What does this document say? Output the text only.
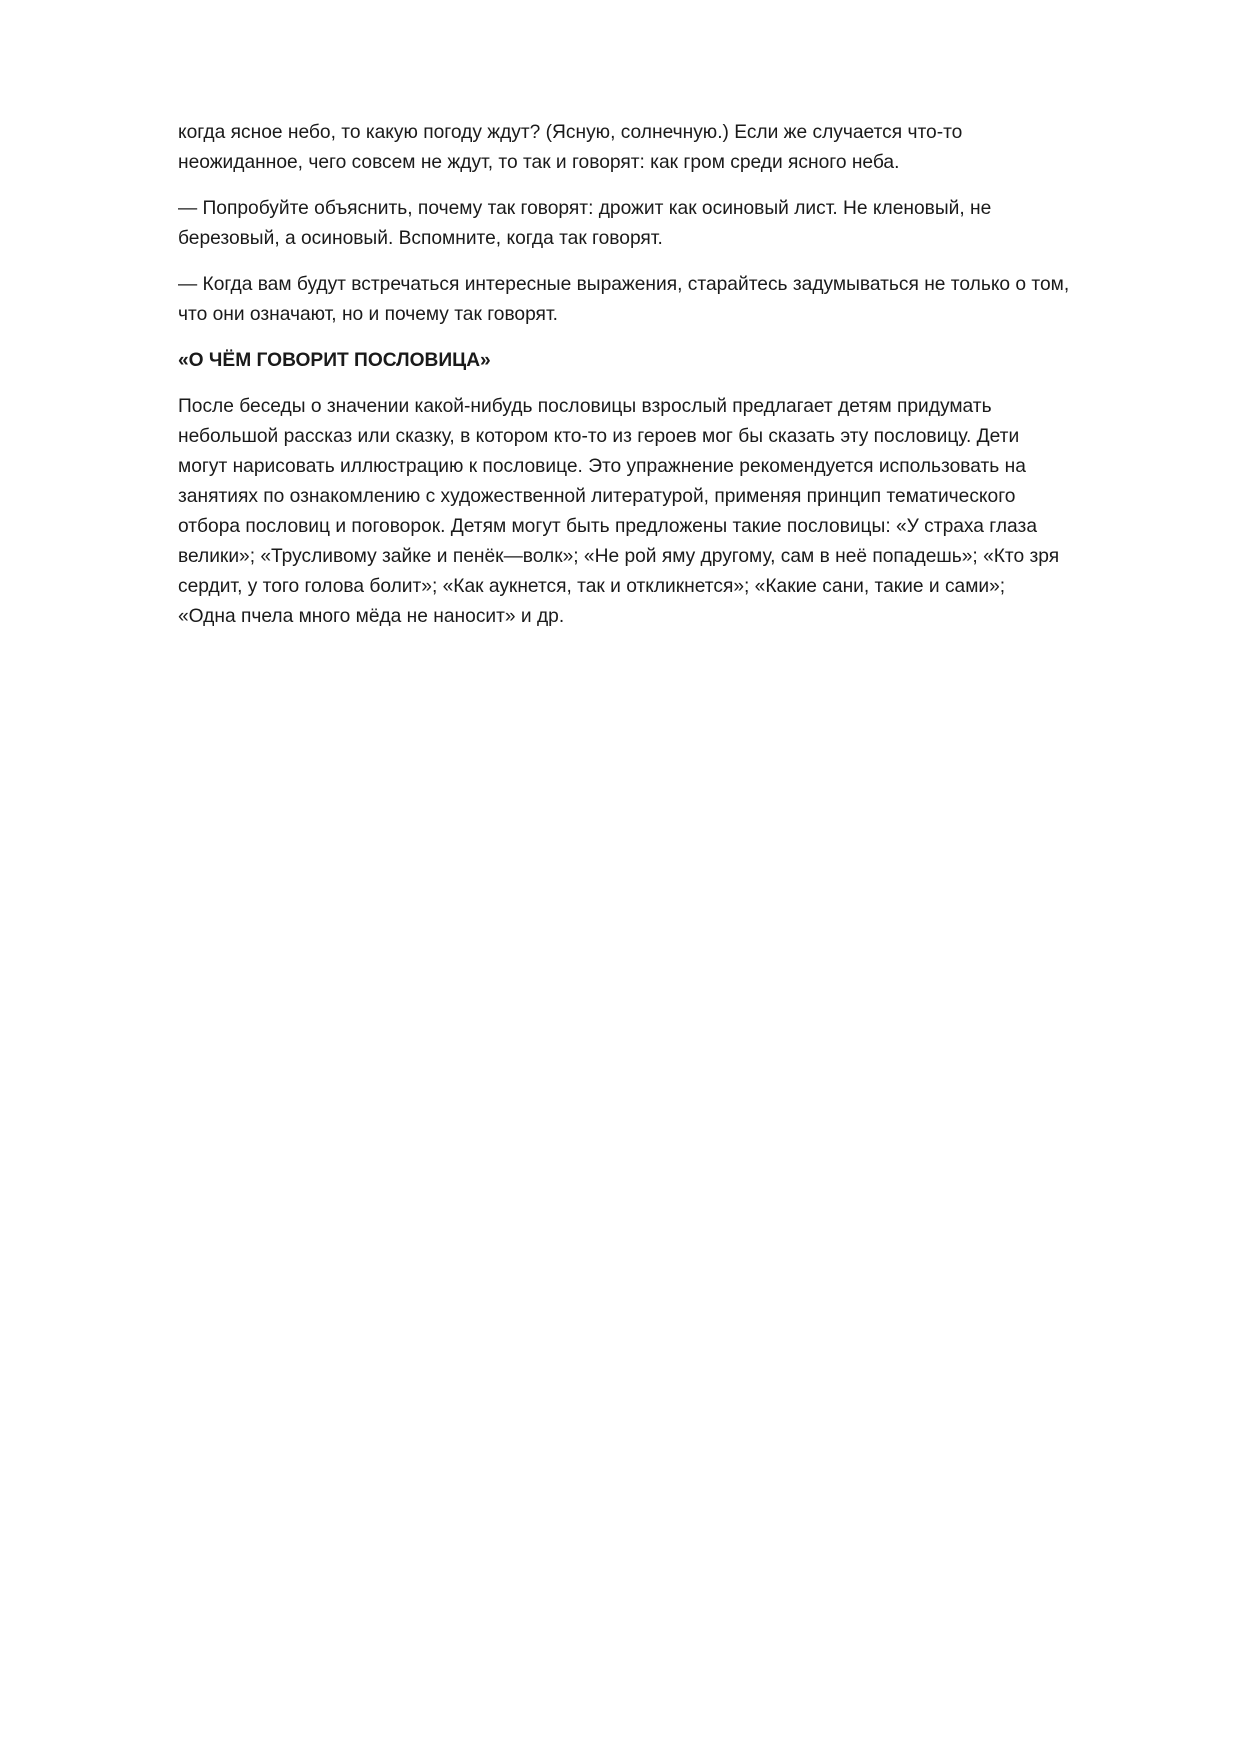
когда ясное небо, то какую погоду ждут? (Ясную, солнечную.) Если же случается что-то
неожиданное, чего совсем не ждут, то так и говорят: как гром среди ясного неба.

— Попробуйте объяснить, почему так говорят: дрожит как осиновый лист. Не кленовый, не
березовый, а осиновый. Вспомните, когда так говорят.

— Когда вам будут встречаться интересные выражения, старайтесь задумываться не только о том,
что они означают, но и почему так говорят.

«О ЧЁМ ГОВОРИТ ПОСЛОВИЦА»

После беседы о значении какой-нибудь пословицы взрослый предлагает детям придумать
небольшой рассказ или сказку, в котором кто-то из героев мог бы сказать эту пословицу. Дети
могут нарисовать иллюстрацию к пословице. Это упражнение рекомендуется использовать на
занятиях по ознакомлению с художественной литературой, применяя принцип тематического
отбора пословиц и поговорок. Детям могут быть предложены такие пословицы: «У страха глаза
велики»; «Трусливому зайке и пенёк—волк»; «Не рой яму другому, сам в неё попадешь»; «Кто зря
сердит, у того голова болит»; «Как аукнется, так и откликнется»; «Какие сани, такие и сами»;
«Одна пчела много мёда не наносит» и др.
